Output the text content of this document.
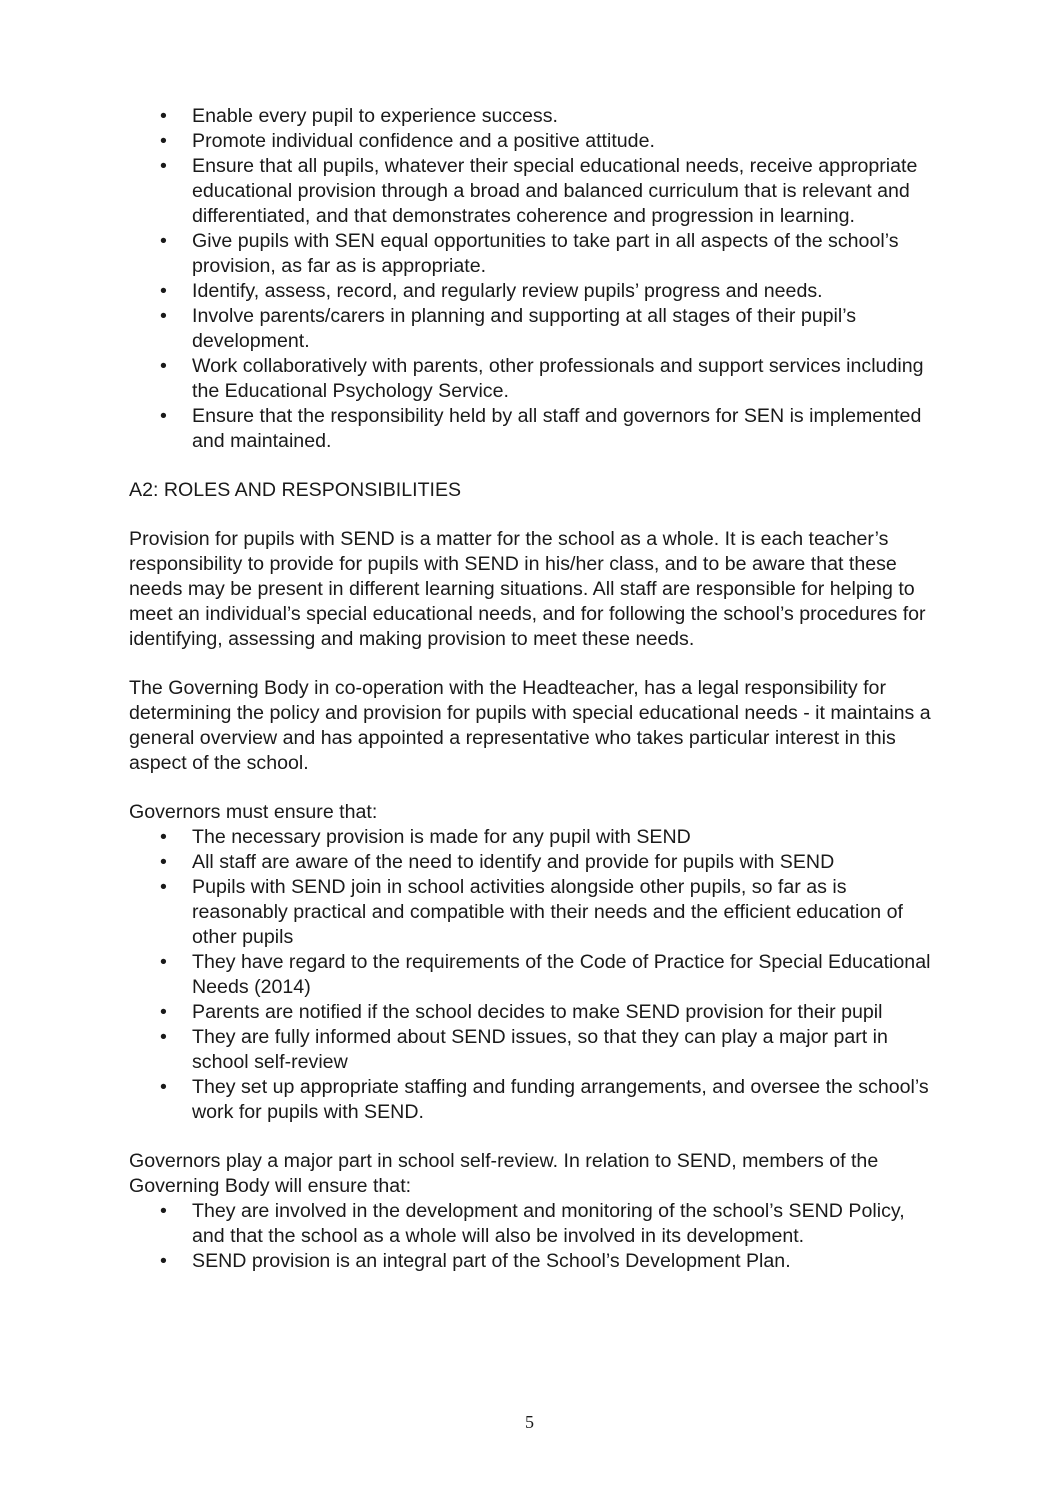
• Enable every pupil to experience success.
• Promote individual confidence and a positive attitude.
• Ensure that all pupils, whatever their special educational needs, receive appropriate educational provision through a broad and balanced curriculum that is relevant and differentiated, and that demonstrates coherence and progression in learning.
• Give pupils with SEN equal opportunities to take part in all aspects of the school’s provision, as far as is appropriate.
• Identify, assess, record, and regularly review pupils’ progress and needs.
• Involve parents/carers in planning and supporting at all stages of their pupil’s development.
• Work collaboratively with parents, other professionals and support services including the Educational Psychology Service.
• Ensure that the responsibility held by all staff and governors for SEN is implemented and maintained.

A2: ROLES AND RESPONSIBILITIES

Provision for pupils with SEND is a matter for the school as a whole. It is each teacher’s responsibility to provide for pupils with SEND in his/her class, and to be aware that these needs may be present in different learning situations. All staff are responsible for helping to meet an individual’s special educational needs, and for following the school’s procedures for identifying, assessing and making provision to meet these needs.

The Governing Body in co-operation with the Headteacher, has a legal responsibility for determining the policy and provision for pupils with special educational needs - it maintains a general overview and has appointed a representative who takes particular interest in this aspect of the school.

Governors must ensure that:

• The necessary provision is made for any pupil with SEND
• All staff are aware of the need to identify and provide for pupils with SEND
• Pupils with SEND join in school activities alongside other pupils, so far as is reasonably practical and compatible with their needs and the efficient education of other pupils
• They have regard to the requirements of the Code of Practice for Special Educational Needs (2014)
• Parents are notified if the school decides to make SEND provision for their pupil
• They are fully informed about SEND issues, so that they can play a major part in school self-review
• They set up appropriate staffing and funding arrangements, and oversee the school’s work for pupils with SEND.

Governors play a major part in school self-review. In relation to SEND, members of the Governing Body will ensure that:

• They are involved in the development and monitoring of the school’s SEND Policy, and that the school as a whole will also be involved in its development.
• SEND provision is an integral part of the School’s Development Plan.
5
